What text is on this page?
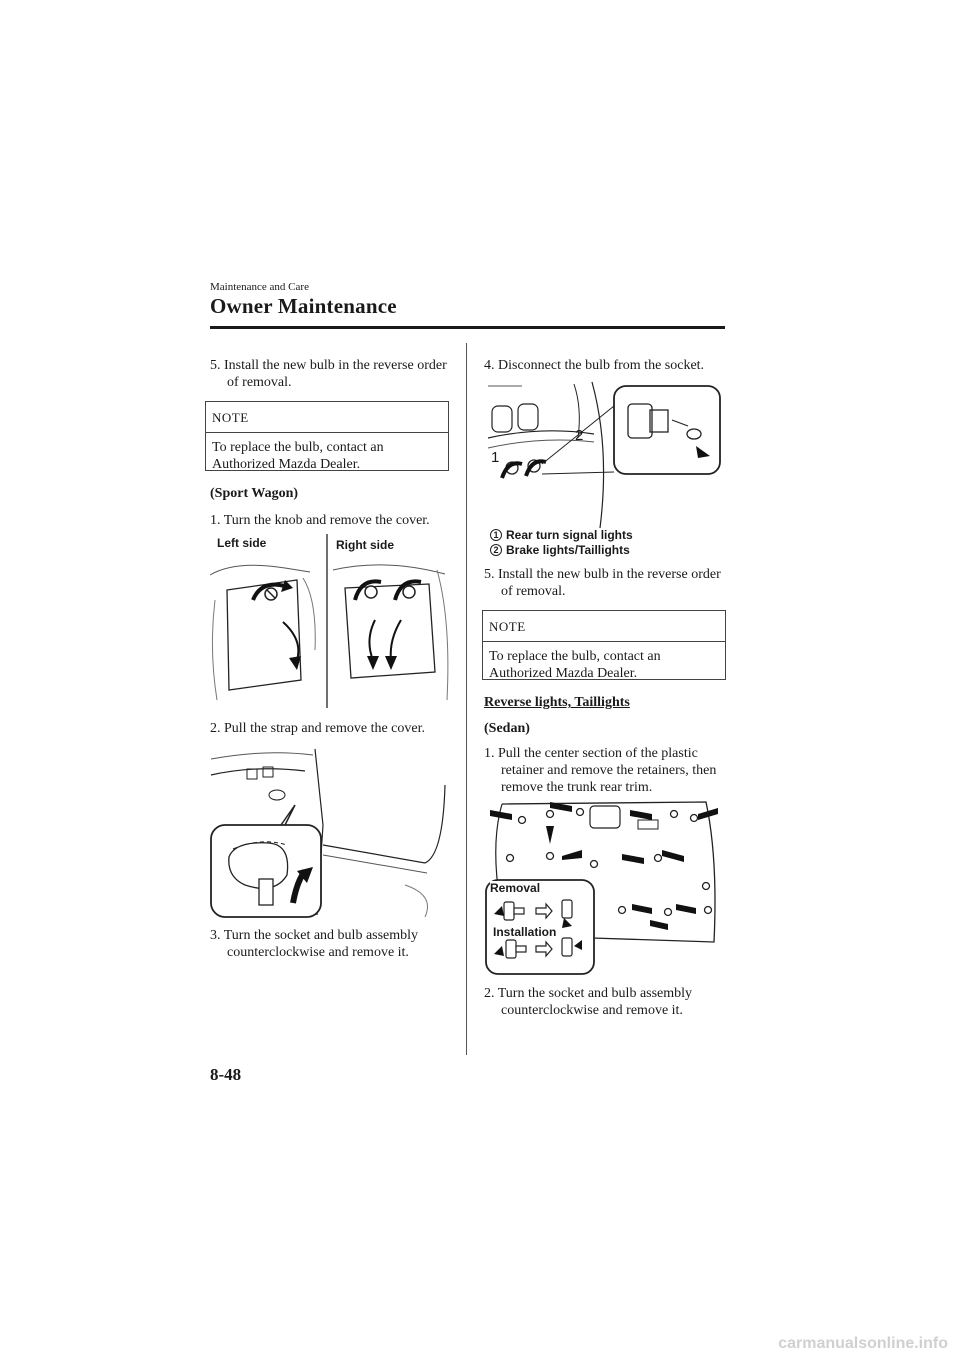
Maintenance and Care
Owner Maintenance
5. Install the new bulb in the reverse order of removal.
NOTE
To replace the bulb, contact an Authorized Mazda Dealer.
(Sport Wagon)
1. Turn the knob and remove the cover.
Left side	Right side
2. Pull the strap and remove the cover.
3. Turn the socket and bulb assembly counterclockwise and remove it.
4. Disconnect the bulb from the socket.
1
2
1 Rear turn signal lights
2 Brake lights/Taillights
5. Install the new bulb in the reverse order of removal.
NOTE
To replace the bulb, contact an Authorized Mazda Dealer.
Reverse lights, Taillights
(Sedan)
1. Pull the center section of the plastic retainer and remove the retainers, then remove the trunk rear trim.
Removal
Installation
2. Turn the socket and bulb assembly counterclockwise and remove it.
8-48
carmanualsonline.info
